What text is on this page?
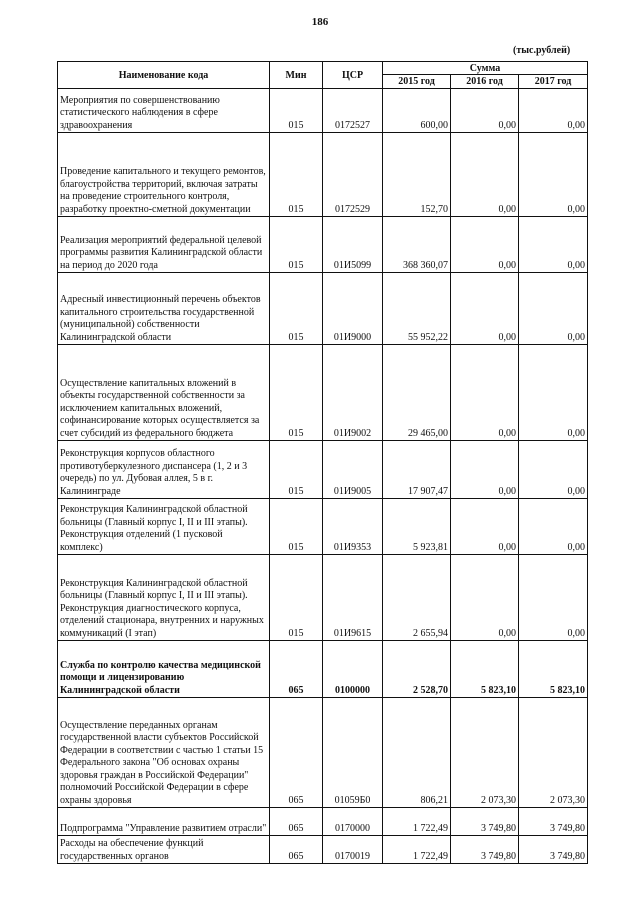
186
(тыс.рублей)
Наименование кода	Мин	ЦСР	Сумма		
			2015 год	2016 год	2017 год
Мероприятия по совершенствованию статистического наблюдения в сфере здравоохранения	015	0172527	600,00	0,00	0,00
Проведение капитального и текущего ремонтов, благоустройства территорий, включая затраты на проведение строительного контроля, разработку проектно-сметной документации	015	0172529	152,70	0,00	0,00
Реализация мероприятий федеральной целевой программы развития Калининградской области на период до 2020 года	015	01И5099	368 360,07	0,00	0,00
Адресный инвестиционный перечень объектов капитального строительства государственной (муниципальной) собственности Калининградской области	015	01И9000	55 952,22	0,00	0,00
Осуществление капитальных вложений в объекты государственной собственности за исключением капитальных вложений, софинансирование которых осуществляется за счет субсидий из федерального бюджета	015	01И9002	29 465,00	0,00	0,00
Реконструкция корпусов областного противотуберкулезного диспансера (1, 2 и 3 очередь) по ул. Дубовая аллея, 5 в г. Калининграде	015	01И9005	17 907,47	0,00	0,00
Реконструкция Калининградской областной больницы (Главный корпус I, II и III этапы). Реконструкция отделений (1 пусковой комплекс)	015	01И9353	5 923,81	0,00	0,00
Реконструкция Калининградской областной больницы (Главный корпус I, II и III этапы). Реконструкция диагностического корпуса, отделений стационара, внутренних и наружных коммуникаций (I этап)	015	01И9615	2 655,94	0,00	0,00
Служба по контролю качества медицинской помощи и лицензированию Калининградской области	065	0100000	2 528,70	5 823,10	5 823,10
Осуществление переданных органам государственной власти субъектов Российской Федерации в соответствии с частью 1 статьи 15 Федерального закона "Об основах охраны здоровья граждан в Российской Федерации" полномочий Российской Федерации в сфере охраны здоровья	065	01059Б0	806,21	2 073,30	2 073,30
Подпрограмма "Управление развитием отрасли"	065	0170000	1 722,49	3 749,80	3 749,80
Расходы на обеспечение функций государственных органов	065	0170019	1 722,49	3 749,80	3 749,80
